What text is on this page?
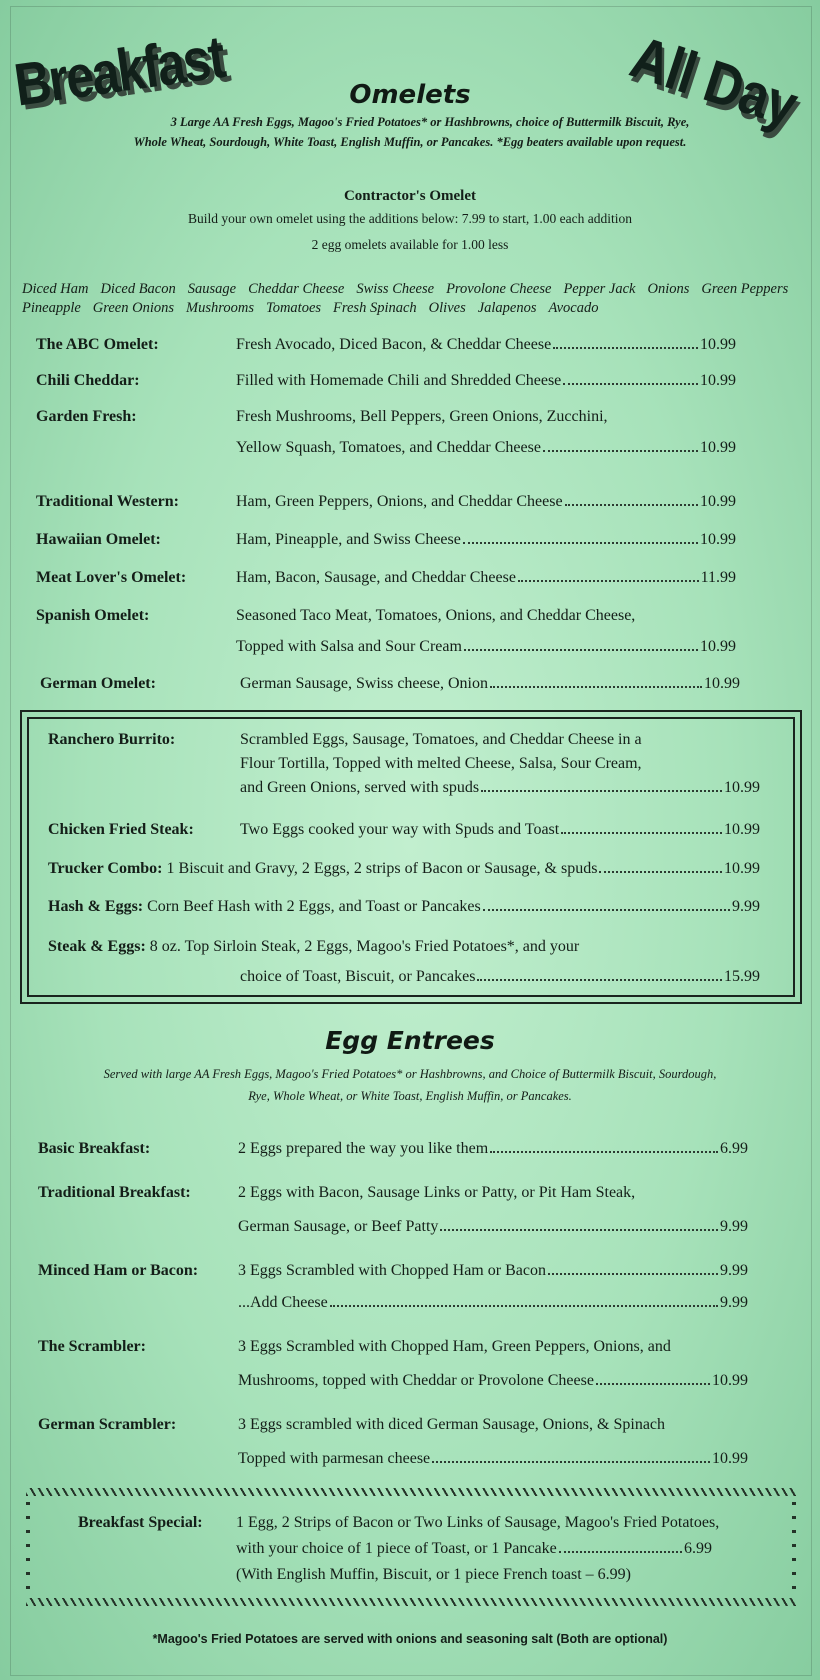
Breakfast	All Day
Omelets
3 Large AA Fresh Eggs, Magoo's Fried Potatoes* or Hashbrowns, choice of Buttermilk Biscuit, Rye,
Whole Wheat, Sourdough, White Toast, English Muffin, or Pancakes. *Egg beaters available upon request.
Contractor's Omelet
Build your own omelet using the additions below: 7.99 to start, 1.00 each addition
2 egg omelets available for 1.00 less
Diced Ham Diced Bacon Sausage Cheddar Cheese Swiss Cheese Provolone Cheese Pepper Jack Onions Green Peppers
Pineapple Green Onions Mushrooms Tomatoes Fresh Spinach Olives Jalapenos Avocado
The ABC Omelet:	Fresh Avocado, Diced Bacon, & Cheddar Cheese	10.99
Chili Cheddar:	Filled with Homemade Chili and Shredded Cheese	10.99
Garden Fresh:	Fresh Mushrooms, Bell Peppers, Green Onions, Zucchini,
Yellow Squash, Tomatoes, and Cheddar Cheese	10.99
Traditional Western:	Ham, Green Peppers, Onions, and Cheddar Cheese	10.99
Hawaiian Omelet:	Ham, Pineapple, and Swiss Cheese	10.99
Meat Lover's Omelet:	Ham, Bacon, Sausage, and Cheddar Cheese	11.99
Spanish Omelet:	Seasoned Taco Meat, Tomatoes, Onions, and Cheddar Cheese,
Topped with Salsa and Sour Cream	10.99
German Omelet:	German Sausage, Swiss cheese, Onion	10.99
Ranchero Burrito:	Scrambled Eggs, Sausage, Tomatoes, and Cheddar Cheese in a
Flour Tortilla, Topped with melted Cheese, Salsa, Sour Cream,
and Green Onions, served with spuds	10.99
Chicken Fried Steak:	Two Eggs cooked your way with Spuds and Toast	10.99
Trucker Combo: 1 Biscuit and Gravy, 2 Eggs, 2 strips of Bacon or Sausage, & spuds	10.99
Hash & Eggs: Corn Beef Hash with 2 Eggs, and Toast or Pancakes	9.99
Steak & Eggs: 8 oz. Top Sirloin Steak, 2 Eggs, Magoo's Fried Potatoes*, and your
choice of Toast, Biscuit, or Pancakes	15.99
Egg Entrees
Served with large AA Fresh Eggs, Magoo's Fried Potatoes* or Hashbrowns, and Choice of Buttermilk Biscuit, Sourdough,
Rye, Whole Wheat, or White Toast, English Muffin, or Pancakes.
Basic Breakfast:	2 Eggs prepared the way you like them	6.99
Traditional Breakfast:	2 Eggs with Bacon, Sausage Links or Patty, or Pit Ham Steak,
German Sausage, or Beef Patty	9.99
Minced Ham or Bacon: 3 Eggs Scrambled with Chopped Ham or Bacon	9.99
...Add Cheese	9.99
The Scrambler:	3 Eggs Scrambled with Chopped Ham, Green Peppers, Onions, and
Mushrooms, topped with Cheddar or Provolone Cheese	10.99
German Scrambler:	3 Eggs scrambled with diced German Sausage, Onions, & Spinach
Topped with parmesan cheese	10.99
Breakfast Special: 1 Egg, 2 Strips of Bacon or Two Links of Sausage, Magoo's Fried Potatoes,
with your choice of 1 piece of Toast, or 1 Pancake	6.99
(With English Muffin, Biscuit, or 1 piece French toast – 6.99)
*Magoo's Fried Potatoes are served with onions and seasoning salt (Both are optional)
